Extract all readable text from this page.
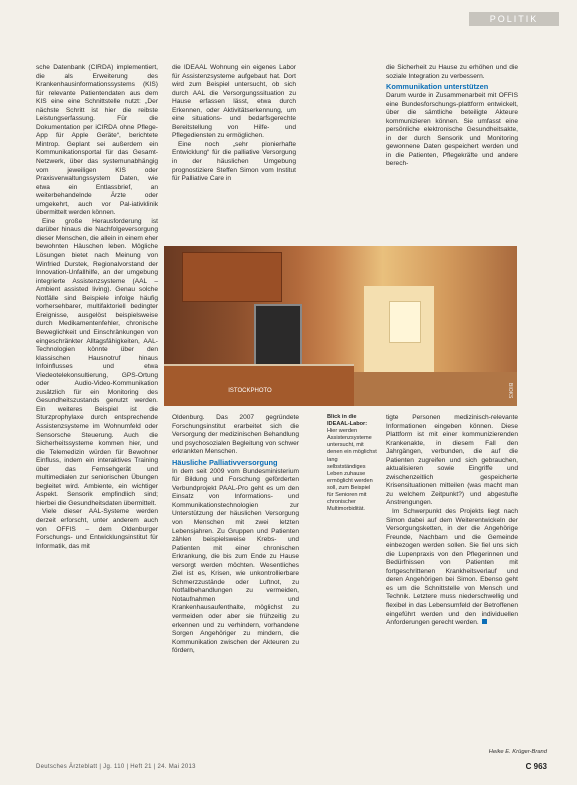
POLITIK

sche Datenbank (CIRDA) implementiert, die als Erweiterung des Krankenhausinformationssystems (KIS) für relevante Patientendaten aus dem KIS eine eine Schnittstelle nutzt: „Der nächste Schritt ist hier die reibste Leistungserfassung. Für die Dokumentation per iCIRDA ohne Pflege-App für Apple Geräte“, berichtete Mintrop. Geplant sei außerdem ein Kommunikationsportal für das Gesamt-Netzwerk, über das systemunabhängig vom jeweiligen KIS oder Praxisverwaltungssystem Daten, wie etwa ein Entlassbrief, an weiterbehandelnde Ärzte oder umgekehrt, auch vor Pal-iativklinik übermittelt werden können.

Eine große Herausforderung ist darüber hinaus die Nachfolgeversorgung dieser Menschen, die allein in einem eher bewohnten Häuschen leben. Mögliche Lösungen bietet nach Meinung von Winfried Durstek, Regionalvorstand der Innovation-Unfallhilfe, an der umgebung integrierte Assistenzsysteme (AAL – Ambient assisted living). Genau solche Notfälle sind Beispiele infolge häufig vorhersehbarer, multifaktoriell bedingter Ereignisse, ausgelöst beispielsweise durch Medikamentenfehler, chronische Beweglichkeit und Einschränkungen von eingeschränkter Alltagsfähigkeiten, AAL-Technologien könnte über den klassischen Hausnotruf hinaus Infoinflusses und etwa Viedeotelekonsultierung, GPS-Ortung oder Audio-Video-Kommunikation zusätzlich für ein Monitoring des Gesundheitszustands genutzt werden. Ein weiteres Beispiel ist die Sturzprophylaxe durch entsprechende Assistenzsysteme im Wohnumfeld oder Sensorsche Steuerung. Auch die Sicherheitssysteme kommen hier, und die Telemedizin würden für Bewohner Einfluss, indem ein interaktives Training über das Fernsehgerät und multimedialen zur seniorischen Übungen begleitet wird. Ambiente, ein wichtiger Aspekt. Sensorik empfindlich sind; hierbei die Gesundheitsdaten übermittelt.

Viele dieser AAL-Systeme werden derzeit erforscht, unter anderem auch von OFFIS – dem Oldenburger Forschungs- und Entwicklungsinstitut für Informatik, das mit

die IDEAAL Wohnung ein eigenes Labor für Assistenzsysteme aufgebaut hat. Dort wird zum Beispiel untersucht, ob sich durch AAL die Versorgungssituation zu Hause erfassen lässt, etwa durch Erkennen, oder Aktivitätserkennung, um eine situations- und bedarfsgerechte Bereitstellung von Hilfe- und Pflegediensten zu ermöglichen.

Eine noch „sehr pionierhafte Entwicklung“ für die palliative Versorgung in der häuslichen Umgebung prognostiziere Steffen Simon vom Institut für Palliative Care in

die Sicherheit zu Hause zu erhöhen und die soziale Integration zu verbessern.

Kommunikation unterstützen

Darum wurde in Zusammenarbeit mit OFFIS eine Bundesforschungs-plattform entwickelt, über die sämtliche beteiligte Akteure kommunizieren können. Sie umfasst eine persönliche elektronische Gesundheitsakte, in der durch Sensorik und Monitoring gewonnene Daten gespeichert werden und in die Patienten, Pflegekräfte und andere berech-

BIOKS
ISTOCKPHOTO
Blick in die IDEAAL-Labor: Hier werden Assistenzsysteme untersucht, mit denen ein möglichst lang selbstständiges Leben zuhause ermöglicht werden soll, zum Beispiel für Senioren mit chronischer Multimorbidität.

Oldenburg. Das 2007 gegründete Forschungsinstitut erarbeitet sich die Versorgung der medizinischen Behandlung und psychosozialen Begleitung von schwer erkrankten Menschen.

Häusliche Palliativversorgung

In dem seit 2009 vom Bundesministerium für Bildung und Forschung geförderten Verbundprojekt PAAL-Pro geht es um den Einsatz von Informations- und Kommunikationstechnologien zur Unterstützung der häuslichen Versorgung von Menschen mit zwei letzten Lebensjahren. Zu Gruppen und Patienten zählen beispielsweise Krebs- und Patienten mit einer chronischen Erkrankung, die bis zum Ende zu Hause versorgt werden möchten. Wesentliches Ziel ist es, Krisen, wie unkontrollierbare Schmerzzustände oder Luftnot, zu Notfallbehandlungen zu vermeiden, Notaufnahmen und Krankenhausaufenthalte, möglichst zu vermeiden oder aber sie frühzeitig zu erkennen und zu verhindern, vorhandene Sorgen Angehöriger zu mindern, die Kommunikation zwischen der Akteuren zu fördern,

tigte Personen medizinisch-relevante Informationen eingeben können. Diese Plattform ist mit einer kommunizierenden Krankenakte, in diesem Fall den Jahrgängen, verbunden, die auf die Patienten zugreifen und sich gebrauchen, aktualisieren sowie Eingriffe und zwischenzeitlich gespeicherte Krisensituationen mitteilen (was macht man zu welchem Zeitpunkt?) und abgestufte Anstrengungen.

Im Schwerpunkt des Projekts liegt nach Simon dabei auf dem Weiterentwickeln der Versorgungsketten, in der die Angehörige Freunde, Nachbarn und die Gemeinde einbezogen werden sollen. Sie fiel uns sich die Lupenpraxis von den Pflegerinnen und Bedürfnissen von Patienten mit fortgeschrittenen Krankheitsverlauf und deren Angehörigen bei Simon. Ebenso geht es um die Schnittstelle von Mensch und Technik. Letztere muss niederschwellig und flexibel in das Lebensumfeld der Betroffenen eingeführt werden und den individuellen Anforderungen gerecht werden.

Heike E. Krüger-Brand
Deutsches Ärzteblatt | Jg. 110 | Heft 21 | 24. Mai 2013	C 963
